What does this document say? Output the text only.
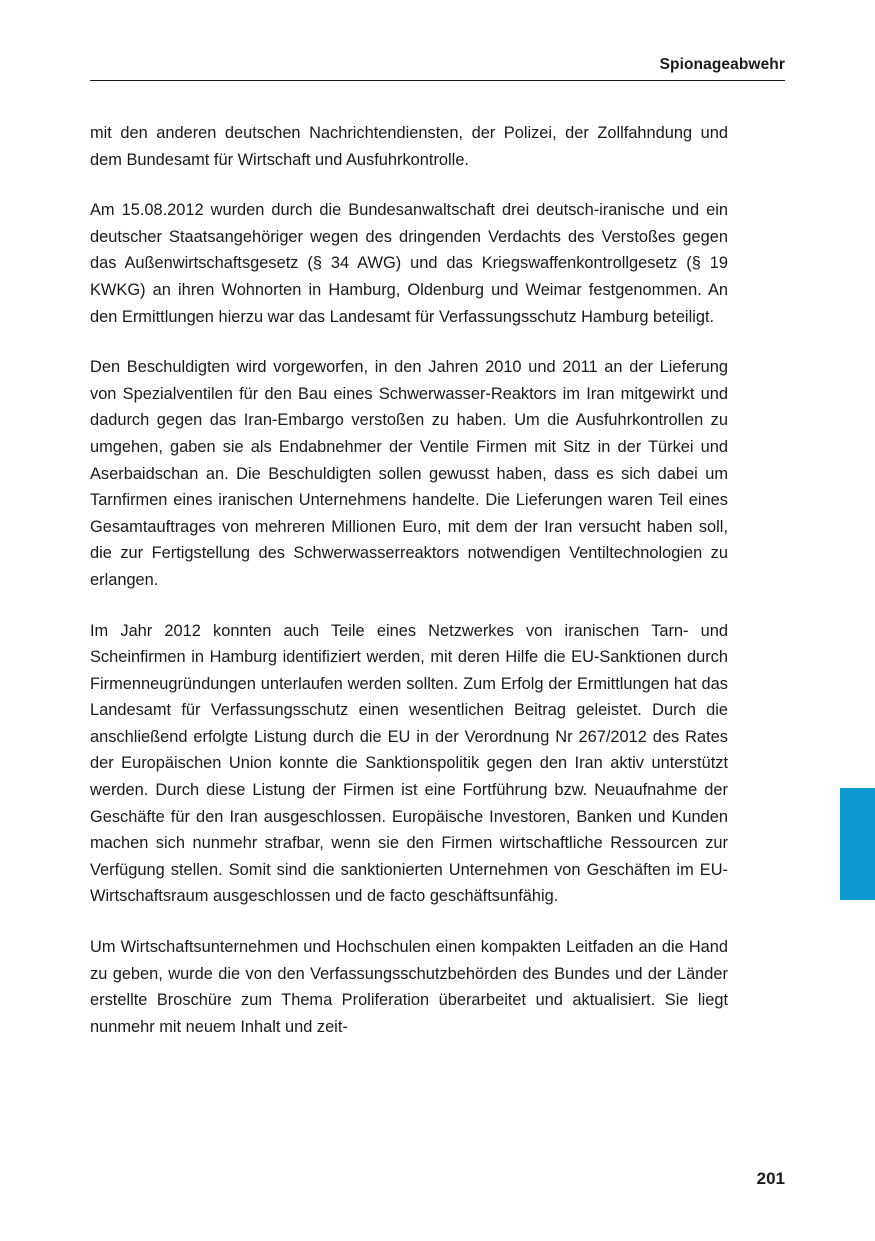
Spionageabwehr

mit den anderen deutschen Nachrichtendiensten, der Polizei, der Zollfahndung und dem Bundesamt für Wirtschaft und Ausfuhrkontrolle.

Am 15.08.2012 wurden durch die Bundesanwaltschaft drei deutsch-iranische und ein deutscher Staatsangehöriger wegen des dringenden Verdachts des Verstoßes gegen das Außenwirtschaftsgesetz (§ 34 AWG) und das Kriegswaffenkontrollgesetz (§ 19 KWKG) an ihren Wohnorten in Hamburg, Oldenburg und Weimar festgenommen. An den Ermittlungen hierzu war das Landesamt für Verfassungsschutz Hamburg beteiligt.

Den Beschuldigten wird vorgeworfen, in den Jahren 2010 und 2011 an der Lieferung von Spezialventilen für den Bau eines Schwerwasser-Reaktors im Iran mitgewirkt und dadurch gegen das Iran-Embargo verstoßen zu haben. Um die Ausfuhrkontrollen zu umgehen, gaben sie als Endabnehmer der Ventile Firmen mit Sitz in der Türkei und Aserbaidschan an. Die Beschuldigten sollen gewusst haben, dass es sich dabei um Tarnfirmen eines iranischen Unternehmens handelte. Die Lieferungen waren Teil eines Gesamtauftrages von mehreren Millionen Euro, mit dem der Iran versucht haben soll, die zur Fertigstellung des Schwerwasserreaktors notwendigen Ventiltechnologien zu erlangen.

Im Jahr 2012 konnten auch Teile eines Netzwerkes von iranischen Tarn- und Scheinfirmen in Hamburg identifiziert werden, mit deren Hilfe die EU-Sanktionen durch Firmenneugründungen unterlaufen werden sollten. Zum Erfolg der Ermittlungen hat das Landesamt für Verfassungsschutz einen wesentlichen Beitrag geleistet. Durch die anschließend erfolgte Listung durch die EU in der Verordnung Nr 267/2012 des Rates der Europäischen Union konnte die Sanktionspolitik gegen den Iran aktiv unterstützt werden. Durch diese Listung der Firmen ist eine Fortführung bzw. Neuaufnahme der Geschäfte für den Iran ausgeschlossen. Europäische Investoren, Banken und Kunden machen sich nunmehr strafbar, wenn sie den Firmen wirtschaftliche Ressourcen zur Verfügung stellen. Somit sind die sanktionierten Unternehmen von Geschäften im EU-Wirtschaftsraum ausgeschlossen und de facto geschäftsunfähig.

Um Wirtschaftsunternehmen und Hochschulen einen kompakten Leitfaden an die Hand zu geben, wurde die von den Verfassungsschutzbehörden des Bundes und der Länder erstellte Broschüre zum Thema Proliferation überarbeitet und aktualisiert. Sie liegt nunmehr mit neuem Inhalt und zeit-

201
